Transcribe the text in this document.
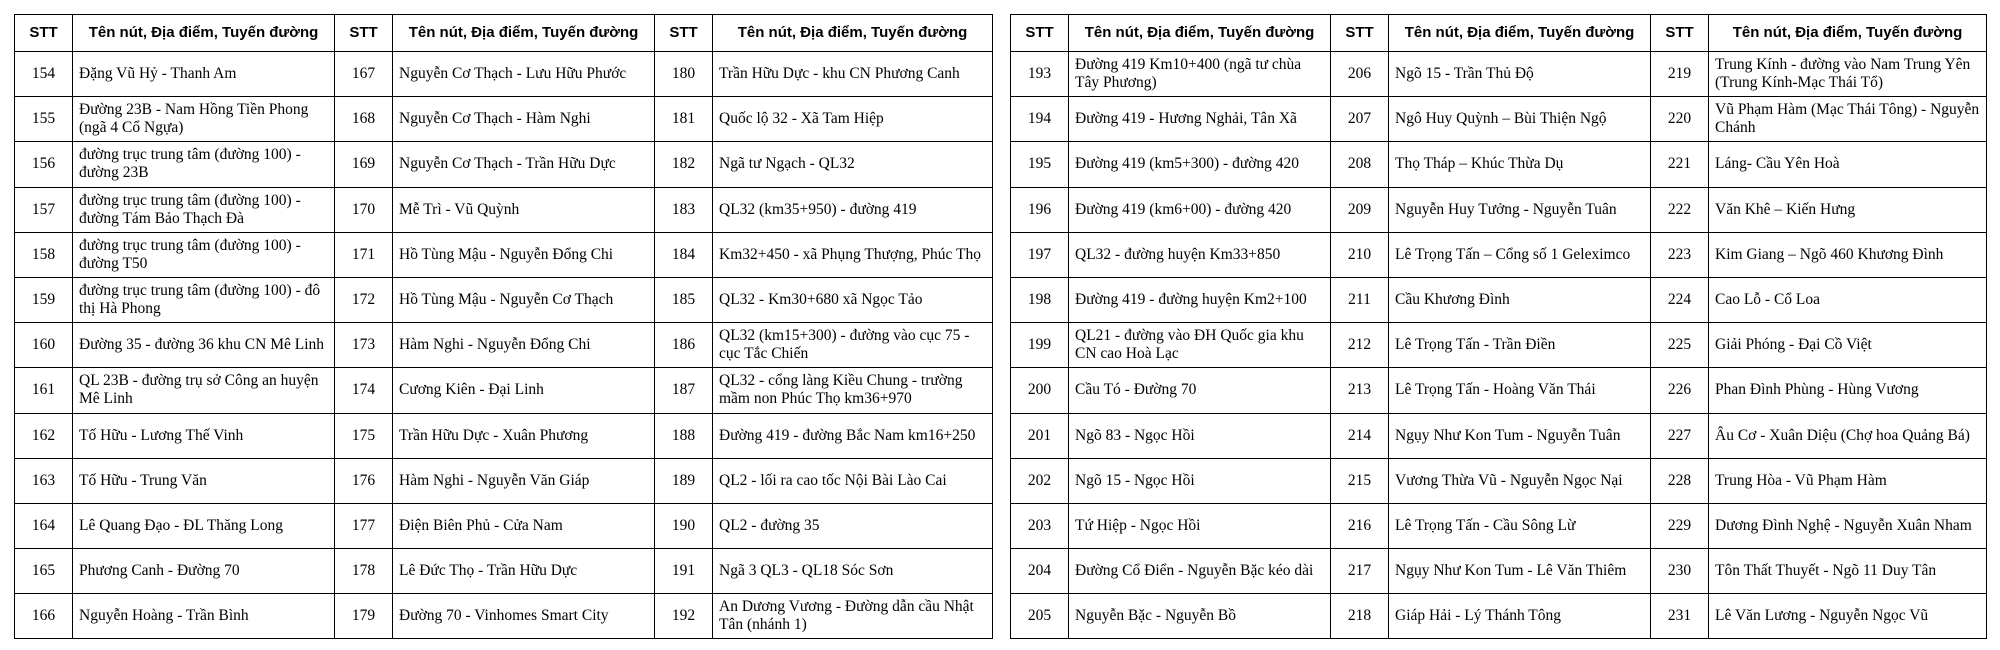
STT	Tên nút, Địa điểm, Tuyến đường	STT	Tên nút, Địa điểm, Tuyến đường	STT	Tên nút, Địa điểm, Tuyến đường
154	Đặng Vũ Hỷ - Thanh Am	167	Nguyễn Cơ Thạch - Lưu Hữu Phước	180	Trần Hữu Dực - khu CN Phương Canh
155	Đường 23B - Nam Hồng Tiền Phong (ngã 4 Cổ Ngựa)	168	Nguyễn Cơ Thạch - Hàm Nghi	181	Quốc lộ 32 - Xã Tam Hiệp
156	đường trục trung tâm (đường 100) - đường 23B	169	Nguyễn Cơ Thạch - Trần Hữu Dực	182	Ngã tư Ngạch - QL32
157	đường trục trung tâm (đường 100) - đường Tám Bảo Thạch Đà	170	Mễ Trì - Vũ Quỳnh	183	QL32 (km35+950) - đường 419
158	đường trục trung tâm (đường 100) - đường T50	171	Hồ Tùng Mậu - Nguyễn Đổng Chi	184	Km32+450 - xã Phụng Thượng, Phúc Thọ
159	đường trục trung tâm (đường 100) - đô thị Hà Phong	172	Hồ Tùng Mậu - Nguyễn Cơ Thạch	185	QL32 - Km30+680 xã Ngọc Tảo
160	Đường 35 - đường 36 khu CN Mê Linh	173	Hàm Nghi - Nguyễn Đổng Chi	186	QL32 (km15+300) - đường vào cục 75 - cục Tắc Chiến
161	QL 23B - đường trụ sở Công an huyện Mê Linh	174	Cương Kiên - Đại Linh	187	QL32 - cổng làng Kiều Chung - trường mầm non Phúc Thọ km36+970
162	Tố Hữu - Lương Thế Vinh	175	Trần Hữu Dực - Xuân Phương	188	Đường 419 - đường Bắc Nam km16+250
163	Tố Hữu - Trung Văn	176	Hàm Nghi - Nguyễn Văn Giáp	189	QL2 - lối ra cao tốc Nội Bài Lào Cai
164	Lê Quang Đạo - ĐL Thăng Long	177	Điện Biên Phủ - Cửa Nam	190	QL2 - đường 35
165	Phương Canh - Đường 70	178	Lê Đức Thọ - Trần Hữu Dực	191	Ngã 3 QL3 - QL18 Sóc Sơn
166	Nguyễn Hoàng - Trần Bình	179	Đường 70 - Vinhomes Smart City	192	An Dương Vương - Đường dẫn cầu Nhật Tân (nhánh 1)
STT	Tên nút, Địa điểm, Tuyến đường	STT	Tên nút, Địa điểm, Tuyến đường	STT	Tên nút, Địa điểm, Tuyến đường
193	Đường 419 Km10+400 (ngã tư chùa Tây Phương)	206	Ngõ 15 - Trần Thủ Độ	219	Trung Kính - đường vào Nam Trung Yên (Trung Kính-Mạc Thái Tổ)
194	Đường 419 - Hương Nghải, Tân Xã	207	Ngô Huy Quỳnh – Bùi Thiện Ngộ	220	Vũ Phạm Hàm (Mạc Thái Tông) - Nguyễn Chánh
195	Đường 419 (km5+300) - đường 420	208	Thọ Tháp – Khúc Thừa Dụ	221	Láng- Cầu Yên Hoà
196	Đường 419 (km6+00) - đường 420	209	Nguyễn Huy Tưởng - Nguyễn Tuân	222	Văn Khê – Kiến Hưng
197	QL32 - đường huyện Km33+850	210	Lê Trọng Tấn – Cổng số 1 Geleximco	223	Kim Giang – Ngõ 460 Khương Đình
198	Đường 419 - đường huyện Km2+100	211	Cầu Khương Đình	224	Cao Lỗ - Cổ Loa
199	QL21 - đường vào ĐH Quốc gia khu CN cao Hoà Lạc	212	Lê Trọng Tấn - Trần Điền	225	Giải Phóng - Đại Cồ Việt
200	Cầu Tó - Đường 70	213	Lê Trọng Tấn - Hoàng Văn Thái	226	Phan Đình Phùng - Hùng Vương
201	Ngõ 83 - Ngọc Hồi	214	Ngụy Như Kon Tum - Nguyễn Tuân	227	Âu Cơ - Xuân Diệu (Chợ hoa Quảng Bá)
202	Ngõ 15 - Ngọc Hồi	215	Vương Thừa Vũ - Nguyễn Ngọc Nại	228	Trung Hòa - Vũ Phạm Hàm
203	Tứ Hiệp - Ngọc Hồi	216	Lê Trọng Tấn - Cầu Sông Lừ	229	Dương Đình Nghệ - Nguyễn Xuân Nham
204	Đường Cổ Điển - Nguyễn Bặc kéo dài	217	Ngụy Như Kon Tum - Lê Văn Thiêm	230	Tôn Thất Thuyết - Ngõ 11 Duy Tân
205	Nguyễn Bặc - Nguyễn Bồ	218	Giáp Hải - Lý Thánh Tông	231	Lê Văn Lương - Nguyễn Ngọc Vũ
